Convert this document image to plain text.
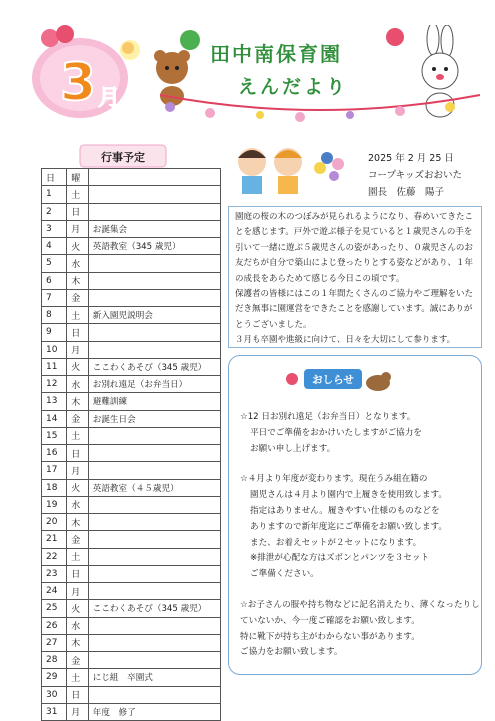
3 月
田中南保育園
えんだより
行事予定
日	曜	
1	土	
2	日	
3	月	お誕集会
4	火	英語教室（345 歳児）
5	水	
6	木	
7	金	
8	土	新入園児説明会
9	日	
10	月	
11	火	ここわくあそび（345 歳児）
12	水	お別れ遠足（お弁当日）
13	木	避難訓練
14	金	お誕生日会
15	土	
16	日	
17	月	
18	火	英語教室（４５歳児）
19	水	
20	木	
21	金	
22	土	
23	日	
24	月	
25	火	ここわくあそび（345 歳児）
26	水	
27	木	
28	金	
29	土	にじ組　卒園式
30	日	
31	月	年度　修了
2025 年 2 月 25 日
コープキッズおおいた
園長　佐藤　陽子

園庭の桜の木のつぼみが見られるようになり、春めいてきたことを感じます。戸外で遊ぶ様子を見ていると１歳児さんの手を引いて一緒に遊ぶ５歳児さんの姿があったり、０歳児さんのお友だちが自分で築山によじ登ったりとする姿などがあり、１年の成長をあらためて感じる今日この頃です。

保護者の皆様にはこの１年間たくさんのご協力やご理解をいただき無事に園運営をできたことを感謝しています。誠にありがとうございました。

３月も卒園や進級に向けて、日々を大切にして参ります。

おしらせ

☆12 日お別れ遠足（お弁当日）となります。

平日でご準備をおかけいたしますがご協力を

お願い申し上げます。

☆４月より年度が変わります。現在うみ組在籍の

園児さんは４月より園内で上履きを使用致します。

指定はありません。履きやすい仕様のものなどを

ありますので新年度迄にご準備をお願い致します。

また、お着えセットが２セットになります。

※排泄が心配な方はズボンとパンツを３セット

ご準備ください。

☆お子さんの服や持ち物などに記名消えたり、薄くなったりしていないか、今一度ご確認をお願い致します。

特に靴下が持ち主がわからない事があります。

ご協力をお願い致します。
